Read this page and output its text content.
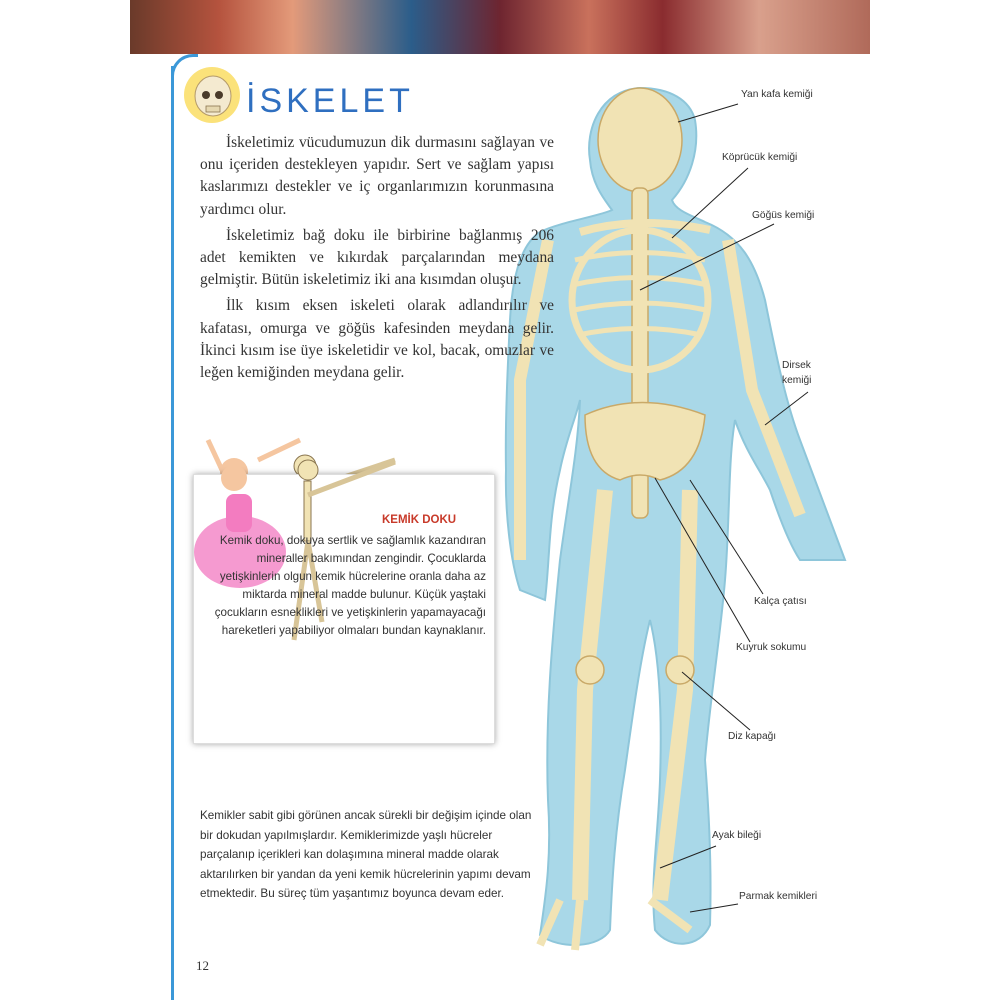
İSKELET

İskeletimiz vücudumuzun dik durmasını sağlayan ve onu içeriden destekleyen yapıdır. Sert ve sağlam yapısı kaslarımızı destekler ve iç organlarımızın korunmasına yardımcı olur.

İskeletimiz bağ doku ile birbirine bağlanmış 206 adet kemikten ve kıkırdak parçalarından meydana gelmiştir. Bütün iskeletimiz iki ana kısımdan oluşur.

İlk kısım eksen iskeleti olarak adlandırılır ve kafatası, omurga ve göğüs kafesinden meydana gelir. İkinci kısım ise üye iskeletidir ve kol, bacak, omuzlar ve leğen kemiğinden meydana gelir.

KEMİK DOKU
Kemik doku, dokuya sertlik ve sağlamlık kazandıran mineraller bakımından zengindir. Çocuklarda yetişkinlerin olgun kemik hücrelerine oranla daha az miktarda mineral madde bulunur. Küçük yaştaki çocukların esneklikleri ve yetişkinlerin yapamayacağı hareketleri yapabiliyor olmaları bundan kaynaklanır.
Kemikler sabit gibi görünen ancak sürekli bir değişim içinde olan bir dokudan yapılmışlardır. Kemiklerimizde yaşlı hücreler parçalanıp içerikleri kan dolaşımına mineral madde olarak aktarılırken bir yandan da yeni kemik hücrelerinin yapımı devam etmektedir. Bu süreç tüm yaşantımız boyunca devam eder.
12
Yan kafa kemiği
Köprücük kemiği
Göğüs kemiği
Dirsek
kemiği
Kalça çatısı
Kuyruk sokumu
Diz kapağı
Ayak bileği
Parmak kemikleri
